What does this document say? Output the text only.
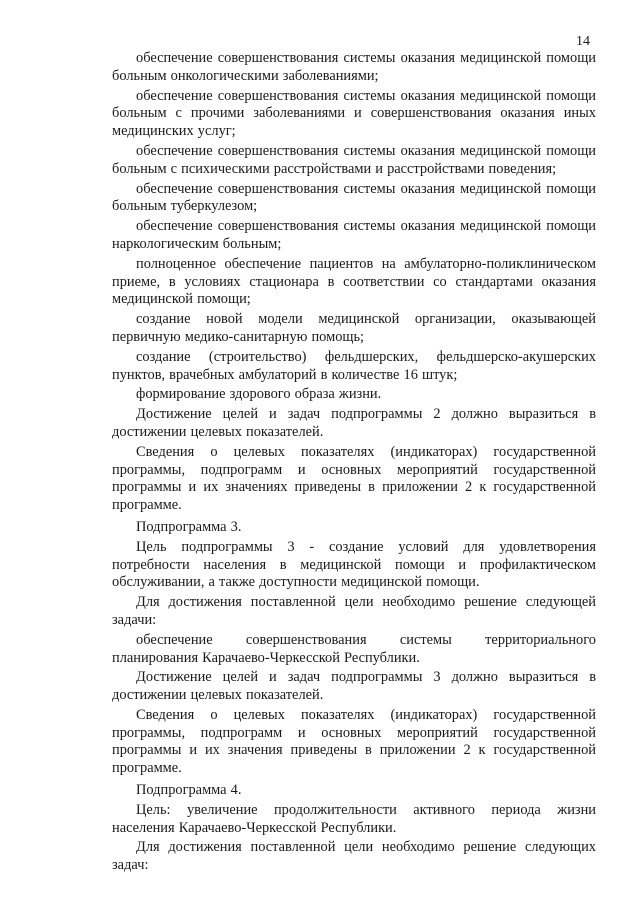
14

обеспечение совершенствования системы оказания медицинской помощи больным онкологическими заболеваниями;

обеспечение совершенствования системы оказания медицинской помощи больным с прочими заболеваниями и совершенствования оказания иных медицинских услуг;

обеспечение совершенствования системы оказания медицинской помощи больным с психическими расстройствами и расстройствами поведения;

обеспечение совершенствования системы оказания медицинской помощи больным туберкулезом;

обеспечение совершенствования системы оказания медицинской помощи наркологическим больным;

полноценное обеспечение пациентов на амбулаторно-поликлиническом приеме, в условиях стационара в соответствии со стандартами оказания медицинской помощи;

создание новой модели медицинской организации, оказывающей первичную медико-санитарную помощь;

создание (строительство) фельдшерских, фельдшерско-акушерских пунктов, врачебных амбулаторий в количестве 16 штук;

формирование здорового образа жизни.

Достижение целей и задач подпрограммы 2 должно выразиться в достижении целевых показателей.

Сведения о целевых показателях (индикаторах) государственной программы, подпрограмм и основных мероприятий государственной программы и их значениях приведены в приложении 2 к государственной программе.

Подпрограмма 3.

Цель подпрограммы 3 - создание условий для удовлетворения потребности населения в медицинской помощи и профилактическом обслуживании, а также доступности медицинской помощи.

Для достижения поставленной цели необходимо решение следующей задачи:

обеспечение совершенствования системы территориального планирования Карачаево-Черкесской Республики.

Достижение целей и задач подпрограммы 3 должно выразиться в достижении целевых показателей.

Сведения о целевых показателях (индикаторах) государственной программы, подпрограмм и основных мероприятий государственной программы и их значения приведены в приложении 2 к государственной программе.

Подпрограмма 4.

Цель: увеличение продолжительности активного периода жизни населения Карачаево-Черкесской Республики.

Для достижения поставленной цели необходимо решение следующих задач:
